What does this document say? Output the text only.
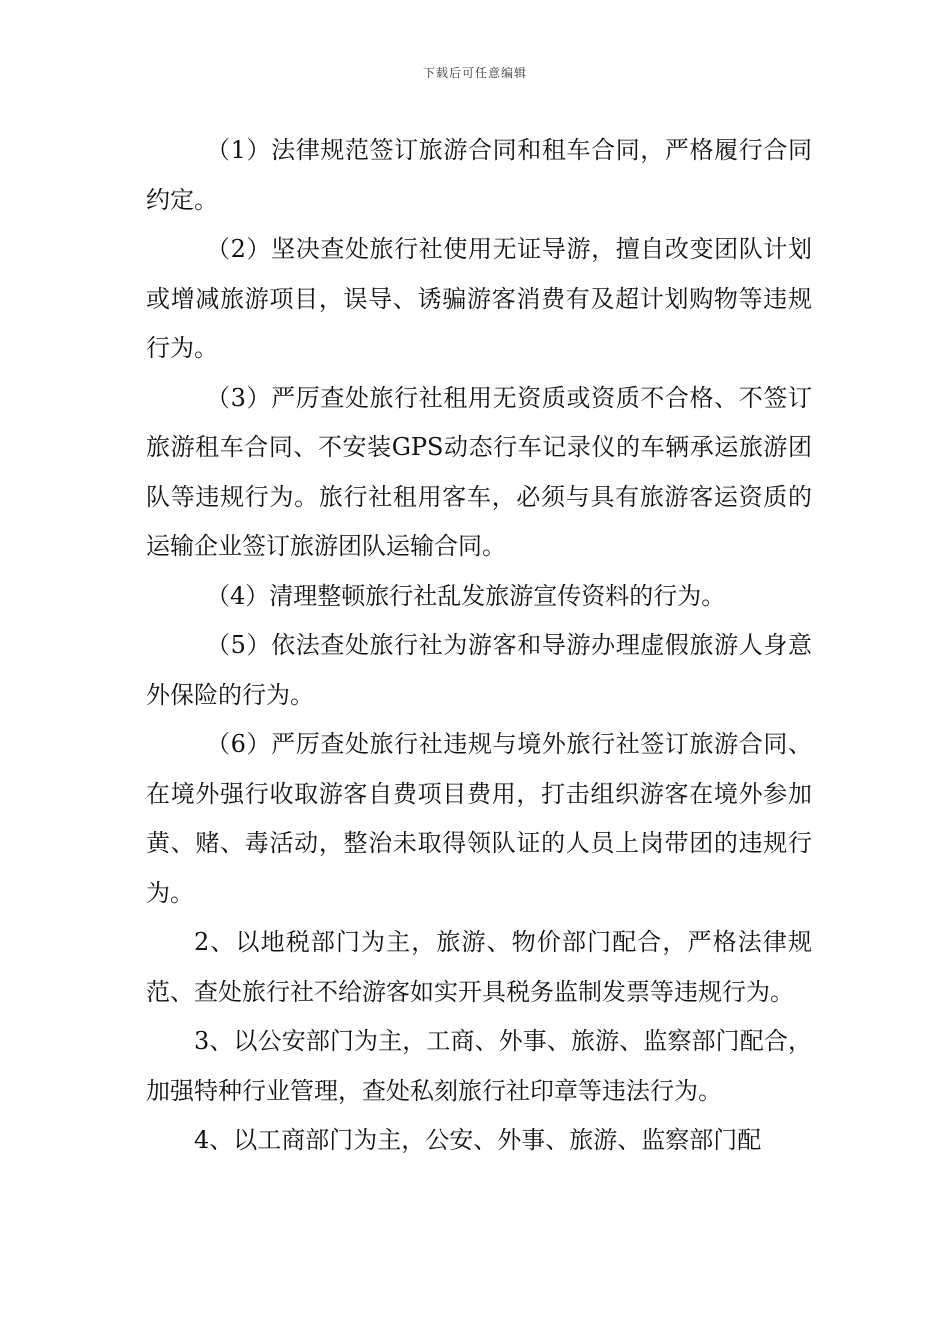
下载后可任意编辑

（1）法律规范签订旅游合同和租车合同，严格履行合同约定。

（2）坚决查处旅行社使用无证导游，擅自改变团队计划或增减旅游项目，误导、诱骗游客消费有及超计划购物等违规行为。

（3）严厉查处旅行社租用无资质或资质不合格、不签订旅游租车合同、不安装GPS动态行车记录仪的车辆承运旅游团队等违规行为。旅行社租用客车，必须与具有旅游客运资质的运输企业签订旅游团队运输合同。

（4）清理整顿旅行社乱发旅游宣传资料的行为。

（5）依法查处旅行社为游客和导游办理虚假旅游人身意外保险的行为。

（6）严厉查处旅行社违规与境外旅行社签订旅游合同、在境外强行收取游客自费项目费用，打击组织游客在境外参加黄、赌、毒活动，整治未取得领队证的人员上岗带团的违规行为。

2、以地税部门为主，旅游、物价部门配合，严格法律规范、查处旅行社不给游客如实开具税务监制发票等违规行为。

3、以公安部门为主，工商、外事、旅游、监察部门配合，加强特种行业管理，查处私刻旅行社印章等违法行为。

4、以工商部门为主，公安、外事、旅游、监察部门配
